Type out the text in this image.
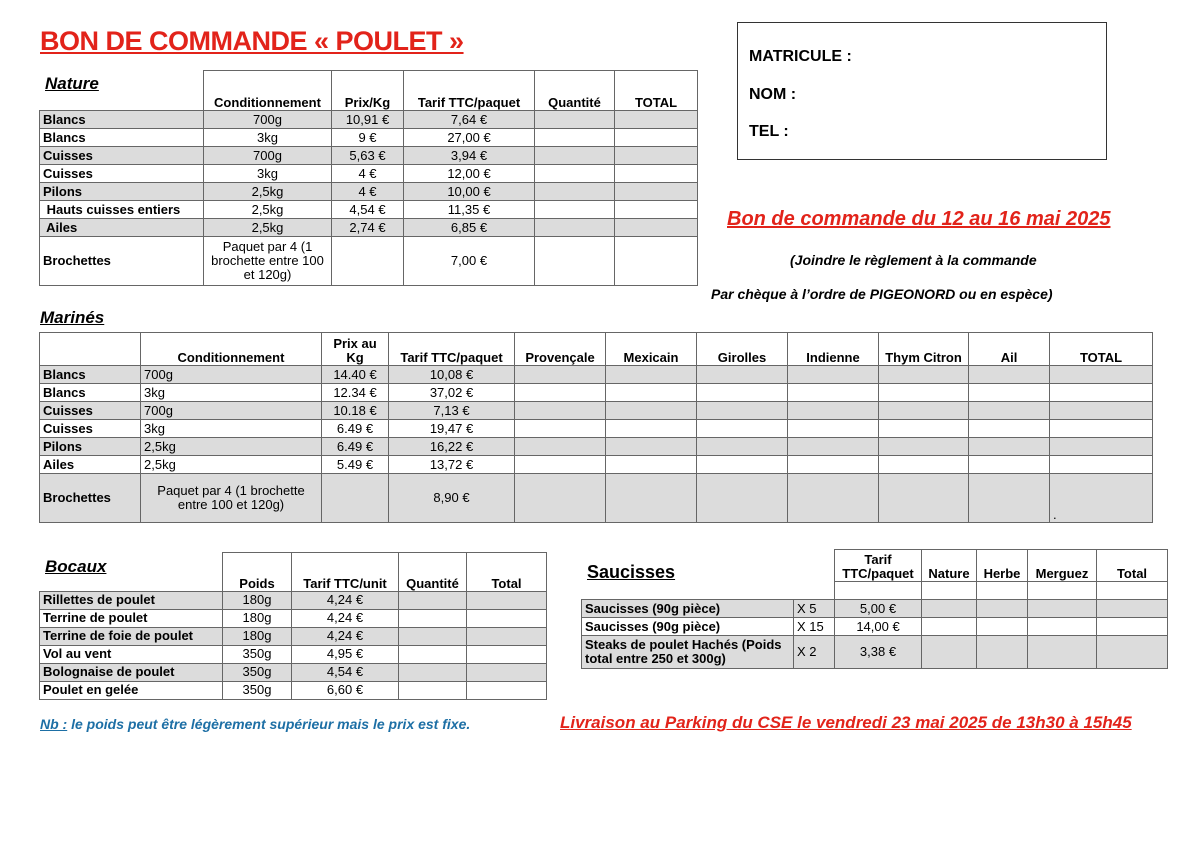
BON DE COMMANDE « POULET »
MATRICULE :
NOM :
TEL :
Bon de commande du 12 au 16 mai 2025
(Joindre le règlement à la commande
Par chèque à l’ordre de PIGEONORD ou en espèce)
Nature
	Conditionnement	Prix/Kg	Tarif TTC/paquet	Quantité	TOTAL
Blancs	700g	10,91 €	7,64 €		
Blancs	3kg	9 €	27,00 €		
Cuisses	700g	5,63 €	3,94 €		
Cuisses	3kg	4 €	12,00 €		
Pilons	2,5kg	4 €	10,00 €		
Hauts cuisses entiers	2,5kg	4,54 €	11,35 €		
Ailes	2,5kg	2,74 €	6,85 €		
Brochettes	Paquet par 4 (1 brochette entre 100 et 120g)		7,00 €		
Marinés
	Conditionnement	Prix au Kg	Tarif TTC/paquet	Provençale	Mexicain	Girolles	Indienne	Thym Citron	Ail	TOTAL
Blancs	700g	14.40 €	10,08 €							
Blancs	3kg	12.34 €	37,02 €							
Cuisses	700g	10.18 €	7,13 €							
Cuisses	3kg	6.49 €	19,47 €							
Pilons	2,5kg	6.49 €	16,22 €							
Ailes	2,5kg	5.49 €	13,72 €							
Brochettes	Paquet par 4 (1 brochette entre 100 et 120g)		8,90 €							.
Bocaux
	Poids	Tarif TTC/unit	Quantité	Total
Rillettes de poulet	180g	4,24 €		
Terrine de poulet	180g	4,24 €		
Terrine de foie de poulet	180g	4,24 €		
Vol au vent	350g	4,95 €		
Bolognaise de poulet	350g	4,54 €		
Poulet en gelée	350g	6,60 €		
Saucisses
		Tarif TTC/paquet	Nature	Herbe	Merguez	Total

Saucisses (90g pièce)	X 5	5,00 €				
Saucisses (90g pièce)	X 15	14,00 €				
Steaks de poulet Hachés (Poids total entre 250 et 300g)	X 2	3,38 €				
Nb : le poids peut être légèrement supérieur mais le prix est fixe.	Livraison au Parking du CSE le vendredi 23 mai 2025 de 13h30 à 15h45
